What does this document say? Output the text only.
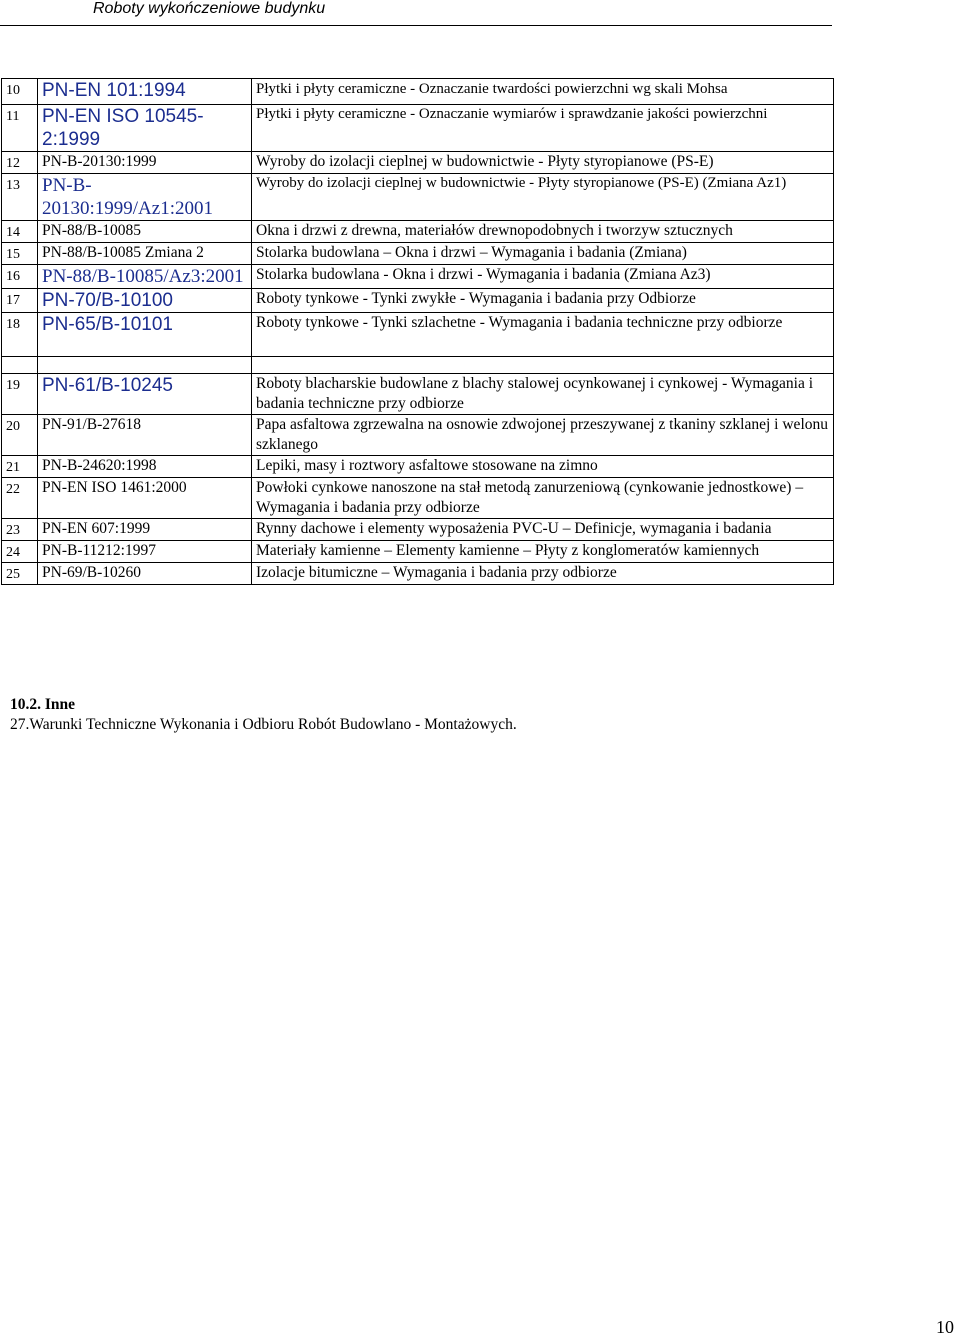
Roboty wykończeniowe budynku
10	PN-EN 101:1994	Płytki i płyty ceramiczne - Oznaczanie twardości powierzchni wg skali Mohsa
11	PN-EN ISO 10545-2:1999	Płytki i płyty ceramiczne - Oznaczanie wymiarów i sprawdzanie jakości powierzchni

12	PN-B-20130:1999	Wyroby do izolacji cieplnej w budownictwie - Płyty styropianowe (PS-E)
13	PN-B-20130:1999/Az1:2001	Wyroby do izolacji cieplnej w budownictwie - Płyty styropianowe (PS-E) (Zmiana Az1)

14	PN-88/B-10085	Okna i drzwi z drewna, materiałów drewnopodobnych i tworzyw sztucznych
15	PN-88/B-10085 Zmiana 2	Stolarka budowlana – Okna i drzwi – Wymagania i badania (Zmiana)
16	PN-88/B-10085/Az3:2001	Stolarka budowlana - Okna i drzwi - Wymagania i badania (Zmiana Az3)
17	PN-70/B-10100	Roboty tynkowe - Tynki zwykłe - Wymagania i badania przy Odbiorze
18	PN-65/B-10101	Roboty tynkowe - Tynki szlachetne - Wymagania i badania techniczne przy odbiorze

19	PN-61/B-10245	Roboty blacharskie budowlane z blachy stalowej ocynkowanej i cynkowej - Wymagania i badania techniczne przy odbiorze
20	PN-91/B-27618	Papa asfaltowa zgrzewalna na osnowie zdwojonej przeszywanej z tkaniny szklanej i welonu szklanego
21	PN-B-24620:1998	Lepiki, masy i roztwory asfaltowe stosowane na zimno
22	PN-EN ISO 1461:2000	Powłoki cynkowe nanoszone na stał metodą zanurzeniową (cynkowanie jednostkowe) – Wymagania i badania przy odbiorze
23	PN-EN 607:1999	Rynny dachowe i elementy wyposażenia PVC-U – Definicje, wymagania i badania
24	PN-B-11212:1997	Materiały kamienne – Elementy kamienne – Płyty z konglomeratów kamiennych
25	PN-69/B-10260	Izolacje bitumiczne – Wymagania i badania przy odbiorze
10.2. Inne
27.Warunki Techniczne Wykonania i Odbioru Robót Budowlano - Montażowych.
10
